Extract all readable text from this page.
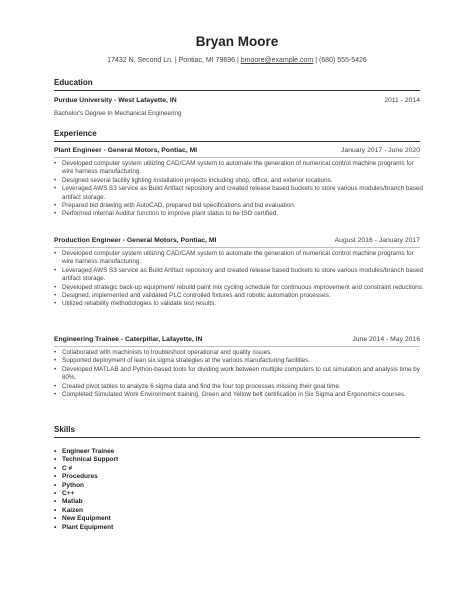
Bryan Moore
17432 N. Second Ln. | Pontiac, MI 79696 | bmoore@example.com | (680) 555-5426
Education
Purdue University - West Lafayette, IN	2011 - 2014
Bachelor's Degree In Mechanical Engineering
Experience
Plant Engineer - General Motors, Pontiac, MI	January 2017 - June 2020
• Developed computer system utilizing CAD/CAM system to automate the generation of numerical control machine programs for wire harness manufacturing.
• Designed several facility lighting installation projects including shop, office, and exterior locations.
• Leveraged AWS S3 service as Build Artifact repository and created release based buckets to store various modules/branch based artifact storage.
• Prepared bid drawing with AutoCAD, prepared bid specifications and bid evaluation.
• Performed internal Auditor function to improve plant status to be ISO certified.
Production Engineer - General Motors, Pontiac, MI	August 2016 - January 2017
• Developed computer system utilizing CAD/CAM system to automate the generation of numerical control machine programs for wire harness manufacturing.
• Leveraged AWS S3 service as Build Artifact repository and created release based buckets to store various modules/branch based artifact storage.
• Developed strategic back-up equipment/ rebuild paint mix cycling schedule for continuous improvement and constraint reductions.
• Designed, implemented and validated PLC controlled fixtures and robotic automation processes.
• Utilized reliability methodologies to validate test results.
Engineering Trainee - Caterpillar, Lafayette, IN	June 2014 - May 2016
• Collaborated with machinists to troubleshoot operational and quality issues.
• Supported deployment of lean six sigma strategies at the various manufacturing facilities.
• Developed MATLAB and Python-based tools for dividing work between multiple computers to cut simulation and analysis time by 80%.
• Created pivot tables to analyze 6 sigma data and find the four top processes missing their goal time.
• Completed Simulated Work Environment training, Green and Yellow belt certification in Six Sigma and Ergonomics courses.
Skills
• Engineer Trainee
• Technical Support
• C #
• Procedures
• Python
• C++
• Matlab
• Kaizen
• New Equipment
• Plant Equipment
